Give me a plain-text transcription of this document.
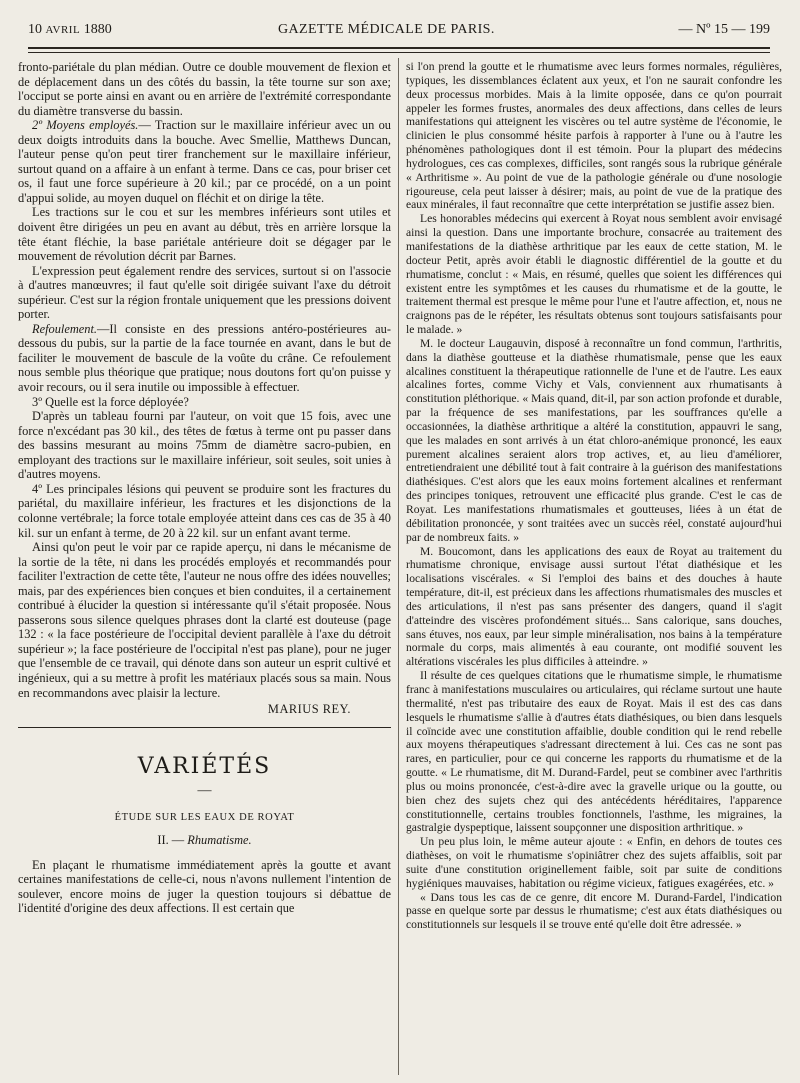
10 AVRIL 1880	GAZETTE MÉDICALE DE PARIS.	— Nº 15 — 199

fronto-pariétale du plan médian. Outre ce double mouvement de flexion et de déplacement dans un des côtés du bassin, la tête tourne sur son axe; l'occiput se porte ainsi en avant ou en arrière de l'extrémité correspondante du diamètre transverse du bassin.

2º Moyens employés.— Traction sur le maxillaire inférieur avec un ou deux doigts introduits dans la bouche. Avec Smellie, Matthews Duncan, l'auteur pense qu'on peut tirer franchement sur le maxillaire inférieur, surtout quand on a affaire à un enfant à terme. Dans ce cas, pour briser cet os, il faut une force supérieure à 20 kil.; par ce procédé, on a un point d'appui solide, au moyen duquel on fléchit et on dirige la tête.

Les tractions sur le cou et sur les membres inférieurs sont utiles et doivent être dirigées un peu en avant au début, très en arrière lorsque la tête étant fléchie, la base pariétale antérieure doit se dégager par le mouvement de révolution décrit par Barnes.

L'expression peut également rendre des services, surtout si on l'associe à d'autres manœuvres; il faut qu'elle soit dirigée suivant l'axe du détroit supérieur. C'est sur la région frontale uniquement que les pressions doivent porter.

Refoulement.—Il consiste en des pressions antéro-postérieures au-dessous du pubis, sur la partie de la face tournée en avant, dans le but de faciliter le mouvement de bascule de la voûte du crâne. Ce refoulement nous semble plus théorique que pratique; nous doutons fort qu'on puisse y avoir recours, ou il sera inutile ou impossible à effectuer.

3º Quelle est la force déployée?

D'après un tableau fourni par l'auteur, on voit que 15 fois, avec une force n'excédant pas 30 kil., des têtes de fœtus à terme ont pu passer dans des bassins mesurant au moins 75mm de diamètre sacro-pubien, en employant des tractions sur le maxillaire inférieur, soit seules, soit unies à d'autres moyens.

4º Les principales lésions qui peuvent se produire sont les fractures du pariétal, du maxillaire inférieur, les fractures et les disjonctions de la colonne vertébrale; la force totale employée atteint dans ces cas de 35 à 40 kil. sur un enfant à terme, de 20 à 22 kil. sur un enfant avant terme.

Ainsi qu'on peut le voir par ce rapide aperçu, ni dans le mécanisme de la sortie de la tête, ni dans les procédés employés et recommandés pour faciliter l'extraction de cette tête, l'auteur ne nous offre des idées nouvelles; mais, par des expériences bien conçues et bien conduites, il a certainement contribué à élucider la question si intéressante qu'il s'était proposée. Nous passerons sous silence quelques phrases dont la clarté est douteuse (page 132 : « la face postérieure de l'occipital devient parallèle à l'axe du détroit supérieur »; la face postérieure de l'occipital n'est pas plane), pour ne juger que l'ensemble de ce travail, qui dénote dans son auteur un esprit cultivé et ingénieux, qui a su mettre à profit les matériaux placés sous sa main. Nous en recommandons avec plaisir la lecture.

MARIUS REY.

VARIÉTÉS
—
ÉTUDE SUR LES EAUX DE ROYAT
II. — Rhumatisme.

En plaçant le rhumatisme immédiatement après la goutte et avant certaines manifestations de celle-ci, nous n'avons nullement l'intention de soulever, encore moins de juger la question toujours si débattue de l'identité d'origine des deux affections. Il est certain que

si l'on prend la goutte et le rhumatisme avec leurs formes normales, régulières, typiques, les dissemblances éclatent aux yeux, et l'on ne saurait confondre les deux processus morbides. Mais à la limite opposée, dans ce qu'on pourrait appeler les formes frustes, anormales des deux affections, dans celles de leurs manifestations qui atteignent les viscères ou tel autre système de l'économie, le clinicien le plus consommé hésite parfois à rapporter à l'une ou à l'autre les phénomènes pathologiques dont il est témoin. Pour la plupart des médecins hydrologues, ces cas complexes, difficiles, sont rangés sous la rubrique générale « Arthritisme ». Au point de vue de la pathologie générale ou d'une nosologie rigoureuse, cela peut laisser à désirer; mais, au point de vue de la pratique des eaux minérales, il faut reconnaître que cette interprétation se justifie assez bien.

Les honorables médecins qui exercent à Royat nous semblent avoir envisagé ainsi la question. Dans une importante brochure, consacrée au traitement des manifestations de la diathèse arthritique par les eaux de cette station, M. le docteur Petit, après avoir établi le diagnostic différentiel de la goutte et du rhumatisme, conclut : « Mais, en résumé, quelles que soient les différences qui existent entre les symptômes et les causes du rhumatisme et de la goutte, le traitement thermal est presque le même pour l'une et l'autre affection, et, nous ne craignons pas de le répéter, les résultats obtenus sont toujours satisfaisants pour le malade. »

M. le docteur Laugauvin, disposé à reconnaître un fond commun, l'arthritis, dans la diathèse goutteuse et la diathèse rhumatismale, pense que les eaux alcalines constituent la thérapeutique rationnelle de l'une et de l'autre. Les eaux alcalines fortes, comme Vichy et Vals, conviennent aux rhumatisants à constitution pléthorique. « Mais quand, dit-il, par son action profonde et durable, par la fréquence de ses manifestations, par les souffrances qu'elle a occasionnées, la diathèse arthritique a altéré la constitution, appauvri le sang, que les malades en sont arrivés à un état chloro-anémique prononcé, les eaux purement alcalines seraient alors trop actives, et, au lieu d'améliorer, entretiendraient une débilité tout à fait contraire à la guérison des manifestations diathésiques. C'est alors que les eaux moins fortement alcalines et renfermant des principes toniques, retrouvent une efficacité plus grande. C'est le cas de Royat. Les manifestations rhumatismales et goutteuses, liées à un état de débilitation prononcée, y sont traitées avec un succès réel, constaté aujourd'hui par de nombreux faits. »

M. Boucomont, dans les applications des eaux de Royat au traitement du rhumatisme chronique, envisage aussi surtout l'état diathésique et les localisations viscérales. « Si l'emploi des bains et des douches à haute température, dit-il, est précieux dans les affections rhumatismales des muscles et des articulations, il n'est pas sans présenter des dangers, quand il s'agit d'atteindre des viscères profondément situés... Sans calorique, sans douches, sans étuves, nos eaux, par leur simple minéralisation, nos bains à la température normale du corps, mais alimentés à eau courante, ont modifié souvent les altérations viscérales les plus difficiles à atteindre. »

Il résulte de ces quelques citations que le rhumatisme simple, le rhumatisme franc à manifestations musculaires ou articulaires, qui réclame surtout une haute thermalité, n'est pas tributaire des eaux de Royat. Mais il est des cas dans lesquels le rhumatisme s'allie à d'autres états diathésiques, ou bien dans lesquels il coïncide avec une constitution affaiblie, double condition qui le rend rebelle aux moyens thérapeutiques s'adressant directement à lui. Ces cas ne sont pas rares, en particulier, pour ce qui concerne les rapports du rhumatisme et de la goutte. « Le rhumatisme, dit M. Durand-Fardel, peut se combiner avec l'arthritis plus ou moins prononcée, c'est-à-dire avec la gravelle urique ou la goutte, ou bien chez des sujets chez qui des antécédents héréditaires, l'apparence constitutionnelle, certains troubles fonctionnels, l'asthme, les migraines, la gastralgie dyspeptique, laissent soupçonner une disposition arthritique. »

Un peu plus loin, le même auteur ajoute : « Enfin, en dehors de toutes ces diathèses, on voit le rhumatisme s'opiniâtrer chez des sujets affaiblis, soit par suite d'une constitution originellement faible, soit par suite de conditions hygiéniques mauvaises, habitation ou régime vicieux, fatigues exagérées, etc. »

« Dans tous les cas de ce genre, dit encore M. Durand-Fardel, l'indication passe en quelque sorte par dessus le rhumatisme; c'est aux états diathésiques ou constitutionnels sur lesquels il se trouve enté qu'elle doit être adressée. »
